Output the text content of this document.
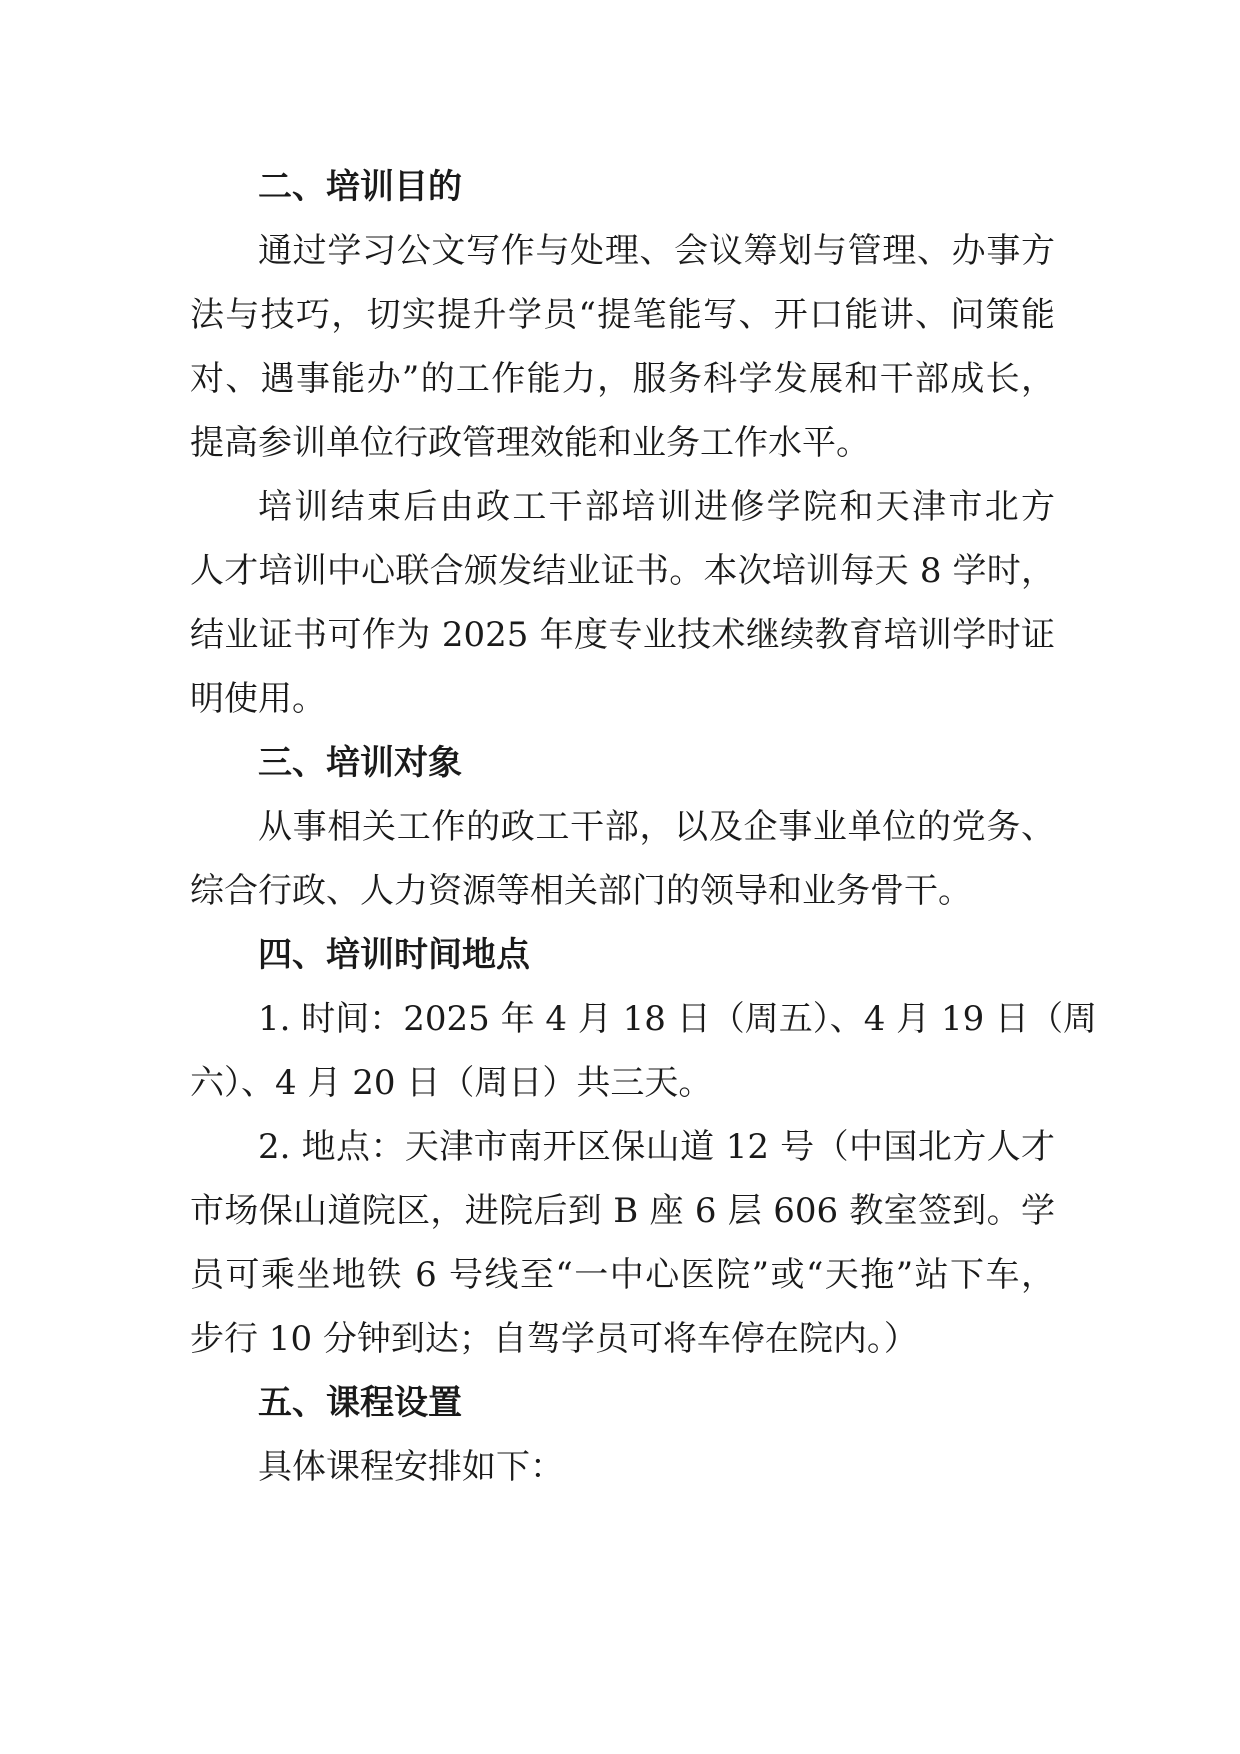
二、培训目的
通过学习公文写作与处理、会议筹划与管理、办事方
法与技巧，切实提升学员“提笔能写、开口能讲、问策能
对、遇事能办”的工作能力，服务科学发展和干部成长，
提高参训单位行政管理效能和业务工作水平。
培训结束后由政工干部培训进修学院和天津市北方
人才培训中心联合颁发结业证书。本次培训每天 8 学时，
结业证书可作为 2025 年度专业技术继续教育培训学时证
明使用。
三、培训对象
从事相关工作的政工干部，以及企事业单位的党务、
综合行政、人力资源等相关部门的领导和业务骨干。
四、培训时间地点
1. 时间：2025 年 4 月 18 日（周五）、4 月 19 日（周
六）、4 月 20 日（周日）共三天。
2. 地点：天津市南开区保山道 12 号（中国北方人才
市场保山道院区，进院后到 B 座 6 层 606 教室签到。学
员可乘坐地铁 6 号线至“一中心医院”或“天拖”站下车，
步行 10 分钟到达；自驾学员可将车停在院内。）
五、课程设置
具体课程安排如下：
